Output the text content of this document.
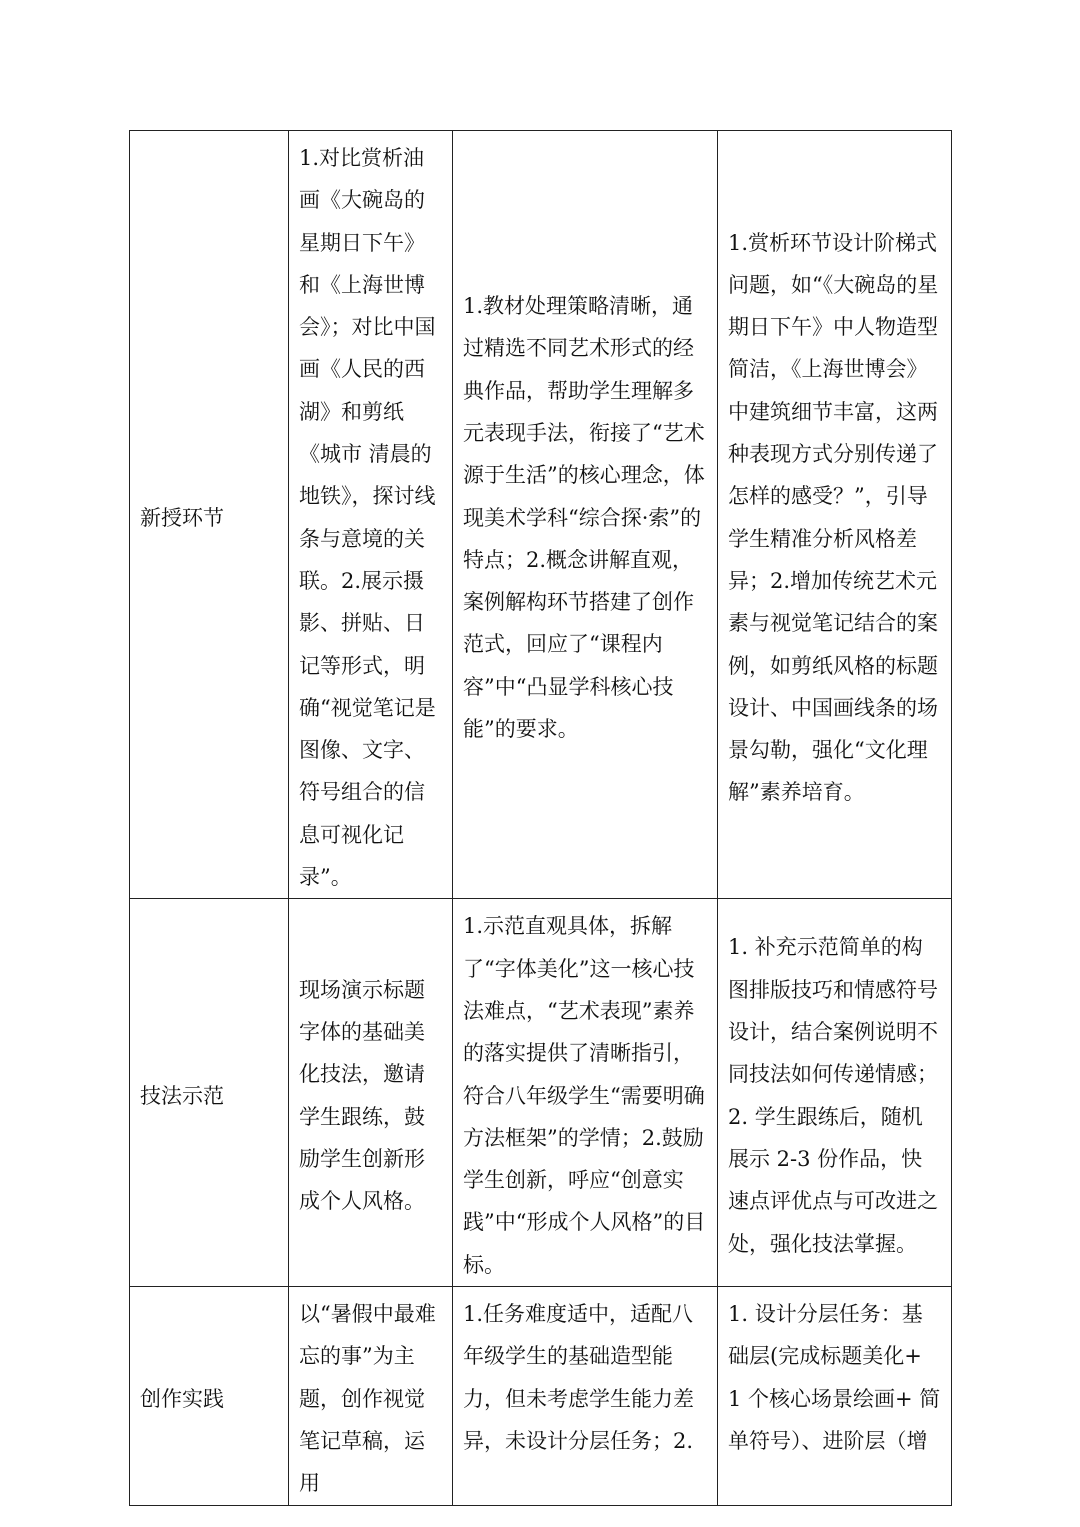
新授环节	1.对比赏析油画《大碗岛的星期日下午》和《上海世博会》；对比中国画《人民的西湖》和剪纸《城市 清晨的地铁》，探讨线条与意境的关联。2.展示摄影、拼贴、日记等形式，明确“视觉笔记是图像、文字、符号组合的信息可视化记录”。	1.教材处理策略清晰，通过精选不同艺术形式的经典作品，帮助学生理解多元表现手法，衔接了“艺术源于生活”的核心理念，体现美术学科“综合探·索”的特点；2.概念讲解直观，案例解构环节搭建了创作范式，回应了“课程内容”中“凸显学科核心技能”的要求。	1.赏析环节设计阶梯式问题，如“《大碗岛的星期日下午》中人物造型简洁，《上海世博会》中建筑细节丰富，这两种表现方式分别传递了怎样的感受？”，引导学生精准分析风格差异；2.增加传统艺术元素与视觉笔记结合的案例，如剪纸风格的标题设计、中国画线条的场景勾勒，强化“文化理解”素养培育。

技法示范	现场演示标题字体的基础美化技法，邀请学生跟练，鼓励学生创新形成个人风格。	1.示范直观具体，拆解了“字体美化”这一核心技法难点，“艺术表现”素养的落实提供了清晰指引，符合八年级学生“需要明确方法框架”的学情；2.鼓励学生创新，呼应“创意实践”中“形成个人风格”的目标。	1. 补充示范简单的构图排版技巧和情感符号设计，结合案例说明不同技法如何传递情感；2. 学生跟练后，随机展示 2-3 份作品，快速点评优点与可改进之处，强化技法掌握。

创作实践	以“暑假中最难忘的事”为主题，创作视觉笔记草稿，运用	1.任务难度适中，适配八年级学生的基础造型能力，但未考虑学生能力差异，未设计分层任务；2.	1. 设计分层任务：基础层(完成标题美化+ 1 个核心场景绘画+ 简单符号）、进阶层（增
